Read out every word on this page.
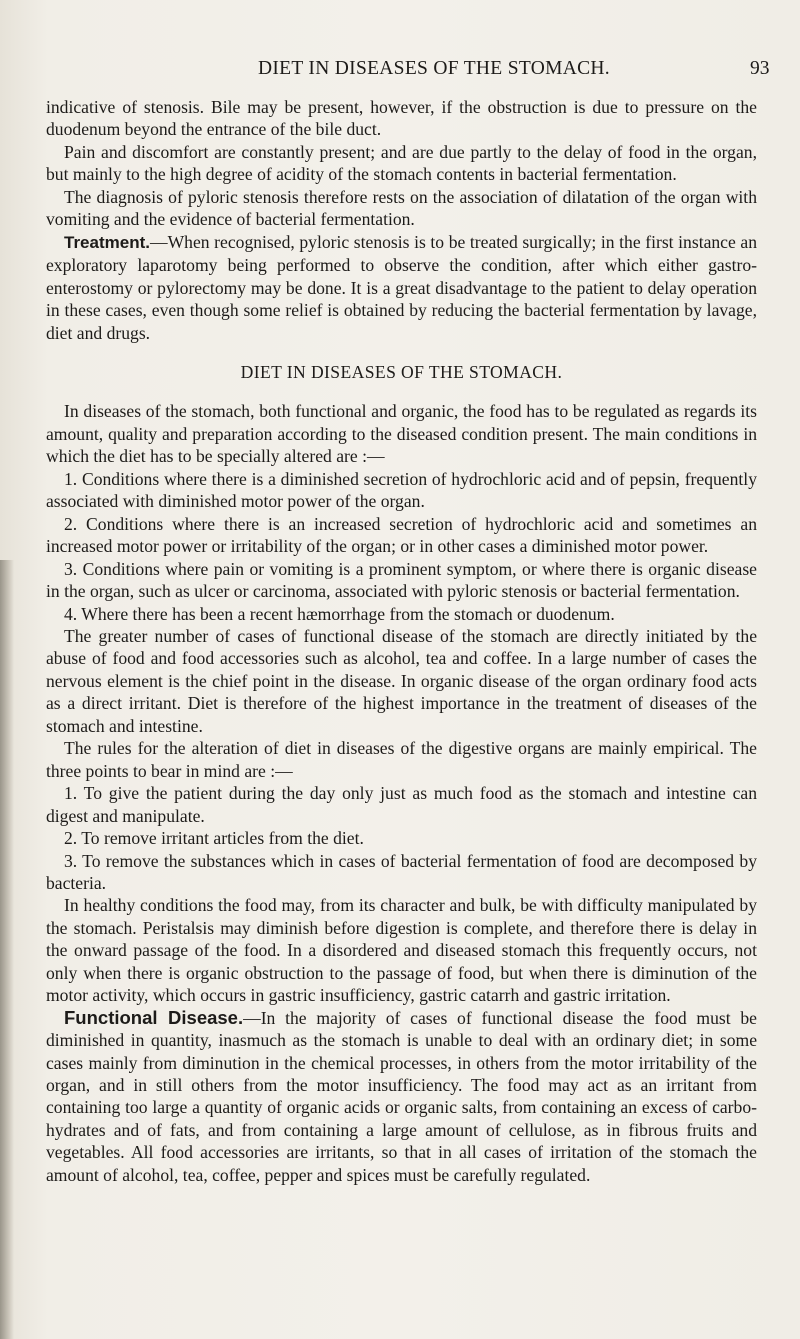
DIET IN DISEASES OF THE STOMACH.	93

indicative of stenosis. Bile may be present, however, if the obstruction is due to pressure on the duodenum beyond the entrance of the bile duct.

Pain and discomfort are constantly present; and are due partly to the delay of food in the organ, but mainly to the high degree of acidity of the stomach contents in bacterial fermentation.

The diagnosis of pyloric stenosis therefore rests on the association of dilatation of the organ with vomiting and the evidence of bacterial fermentation.

Treatment.—When recognised, pyloric stenosis is to be treated surgically; in the first instance an exploratory laparotomy being performed to observe the condition, after which either gastro-enterostomy or pylorectomy may be done. It is a great disadvantage to the patient to delay operation in these cases, even though some relief is obtained by reducing the bacterial fermentation by lavage, diet and drugs.

DIET IN DISEASES OF THE STOMACH.

In diseases of the stomach, both functional and organic, the food has to be regulated as regards its amount, quality and preparation according to the diseased condition present. The main conditions in which the diet has to be specially altered are :—

1. Conditions where there is a diminished secretion of hydrochloric acid and of pepsin, frequently associated with diminished motor power of the organ.

2. Conditions where there is an increased secretion of hydrochloric acid and sometimes an increased motor power or irritability of the organ; or in other cases a diminished motor power.

3. Conditions where pain or vomiting is a prominent symptom, or where there is organic disease in the organ, such as ulcer or carcinoma, associated with pyloric stenosis or bacterial fermentation.

4. Where there has been a recent hæmorrhage from the stomach or duodenum.

The greater number of cases of functional disease of the stomach are directly initiated by the abuse of food and food accessories such as alcohol, tea and coffee. In a large number of cases the nervous element is the chief point in the disease. In organic disease of the organ ordinary food acts as a direct irritant. Diet is therefore of the highest importance in the treatment of diseases of the stomach and intestine.

The rules for the alteration of diet in diseases of the digestive organs are mainly empirical. The three points to bear in mind are :—

1. To give the patient during the day only just as much food as the stomach and intestine can digest and manipulate.

2. To remove irritant articles from the diet.

3. To remove the substances which in cases of bacterial fermentation of food are decomposed by bacteria.

In healthy conditions the food may, from its character and bulk, be with difficulty manipulated by the stomach. Peristalsis may diminish before digestion is complete, and therefore there is delay in the onward passage of the food. In a disordered and diseased stomach this frequently occurs, not only when there is organic obstruction to the passage of food, but when there is diminution of the motor activity, which occurs in gastric insufficiency, gastric catarrh and gastric irritation.

Functional Disease.—In the majority of cases of functional disease the food must be diminished in quantity, inasmuch as the stomach is unable to deal with an ordinary diet; in some cases mainly from diminution in the chemical processes, in others from the motor irritability of the organ, and in still others from the motor insufficiency. The food may act as an irritant from containing too large a quantity of organic acids or organic salts, from containing an excess of carbo-hydrates and of fats, and from containing a large amount of cellulose, as in fibrous fruits and vegetables. All food accessories are irritants, so that in all cases of irritation of the stomach the amount of alcohol, tea, coffee, pepper and spices must be carefully regulated.
